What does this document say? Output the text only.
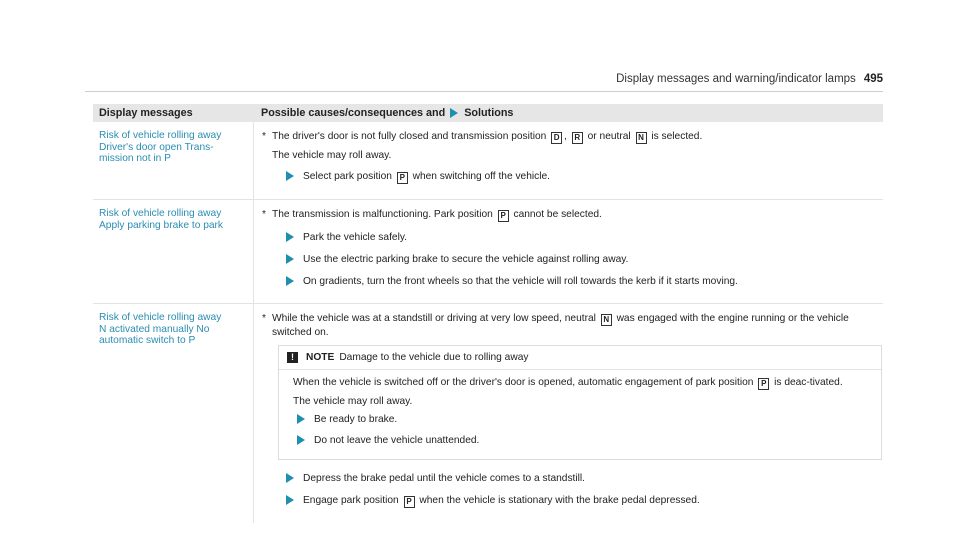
Display messages and warning/indicator lamps 495
Display messages	Possible causes/consequences and Solutions
Risk of vehicle rolling away
Driver's door open Trans-
mission not in P
* The driver's door is not fully closed and transmission position D , R or neutral N is selected.
The vehicle may roll away.
Select park position P when switching off the vehicle.
Risk of vehicle rolling away
Apply parking brake to park
* The transmission is malfunctioning. Park position P cannot be selected.
Park the vehicle safely.
Use the electric parking brake to secure the vehicle against rolling away.
On gradients, turn the front wheels so that the vehicle will roll towards the kerb if it starts moving.
Risk of vehicle rolling away
N activated manually No
automatic switch to P
* While the vehicle was at a standstill or driving at very low speed, neutral N was engaged with the engine running or the vehicle switched on.
!	NOTE Damage to the vehicle due to rolling away

When the vehicle is switched off or the driver's door is opened, automatic engagement of park position P is deac-tivated.

The vehicle may roll away.

Be ready to brake.
Do not leave the vehicle unattended.
Depress the brake pedal until the vehicle comes to a standstill.
Engage park position P when the vehicle is stationary with the brake pedal depressed.
